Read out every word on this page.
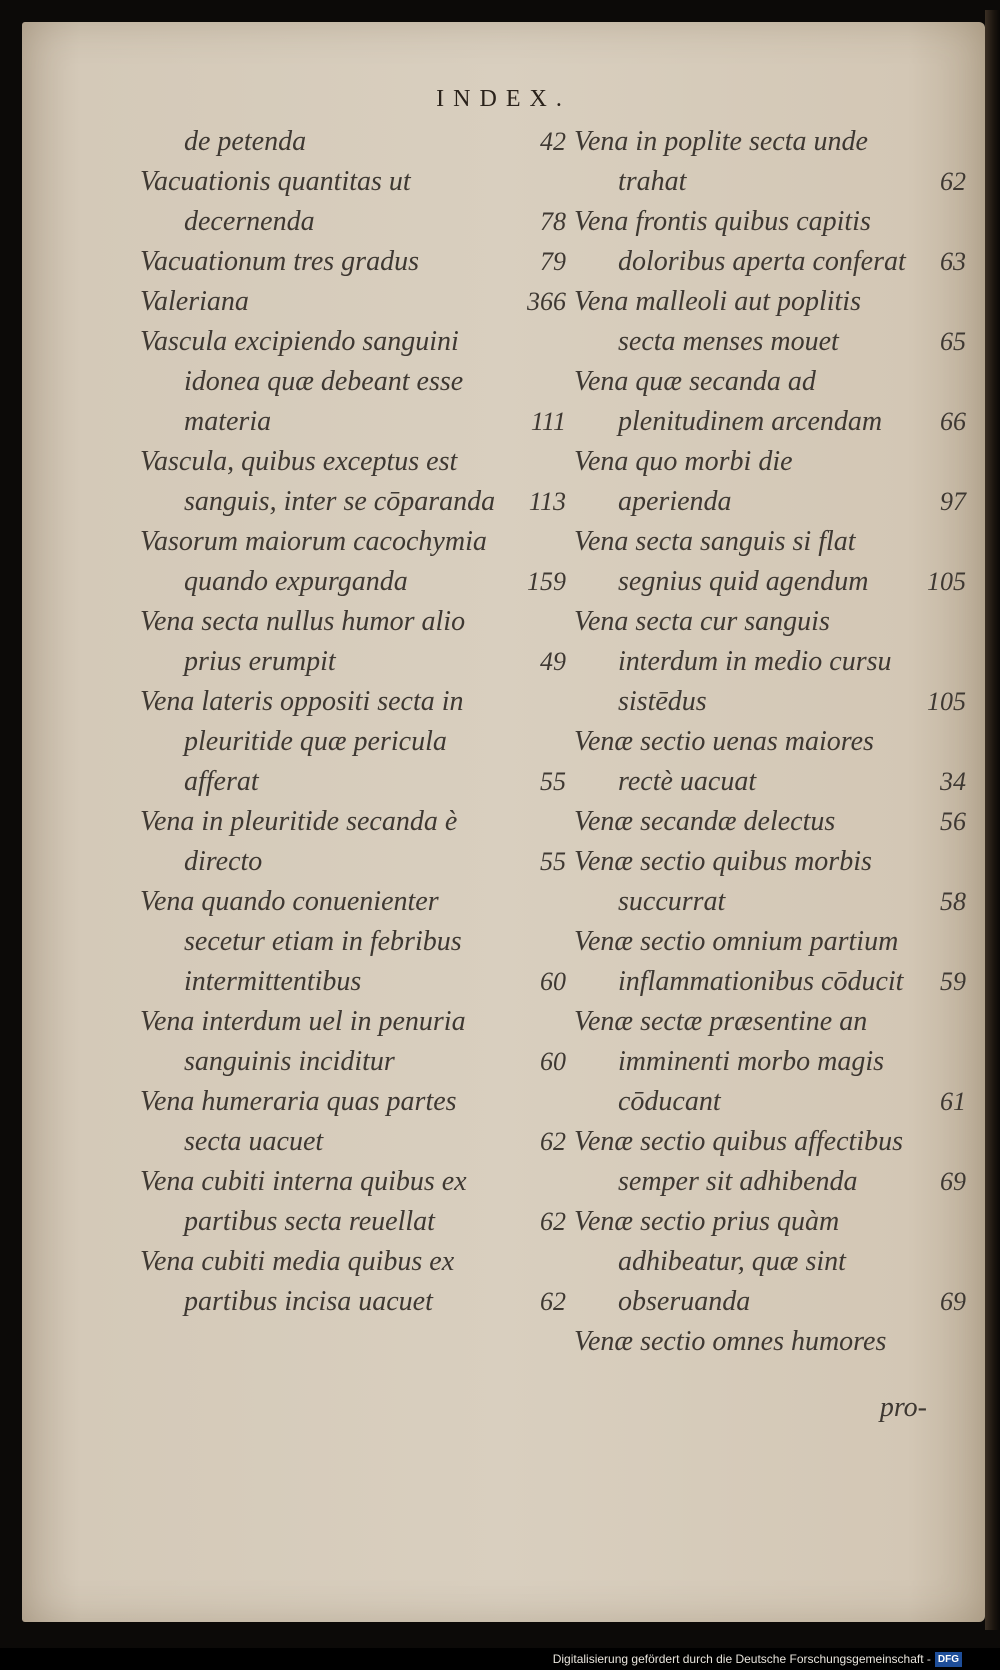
INDEX.
de petenda	42
Vacuationis quantitas ut decernenda	78
Vacuationum tres gradus	79
Valeriana	366
Vascula excipiendo sanguini idonea quæ debeant esse materia	111
Vascula, quibus exceptus est sanguis, inter se cōparanda 113
Vasorum maiorum cacochymia quando expurganda	159
Vena secta nullus humor alio prius erumpit	49
Vena lateris oppositi secta in pleuritide quæ pericula afferat	55
Vena in pleuritide secanda è directo	55
Vena quando conuenienter secetur etiam in febribus intermittentibus	60
Vena interdum uel in penuria sanguinis inciditur	60
Vena humeraria quas partes secta uacuet	62
Vena cubiti interna quibus ex partibus secta reuellat	62
Vena cubiti media quibus ex partibus incisa uacuet	62
Vena in poplite secta unde trahat	62
Vena frontis quibus capitis doloribus aperta conferat 63
Vena malleoli aut poplitis secta menses mouet	65
Vena quæ secanda ad plenitudinem arcendam 66
Vena quo morbi die aperienda	97
Vena secta sanguis si flat segnius quid agendum 105
Vena secta cur sanguis interdum in medio cursu sistēdus	105
Venæ sectio uenas maiores rectè uacuat	34
Venæ secandæ delectus	56
Venæ sectio quibus morbis succurrat	58
Venæ sectio omnium partium inflammationibus cōducit 59
Venæ sectæ præsentine an imminenti morbo magis cōducant	61
Venæ sectio quibus affectibus semper sit adhibenda	69
Venæ sectio prius quàm adhibeatur, quæ sint obseruanda	69
Venæ sectio omnes humores
pro-
Digitalisierung gefördert durch die Deutsche Forschungsgemeinschaft - DFG
